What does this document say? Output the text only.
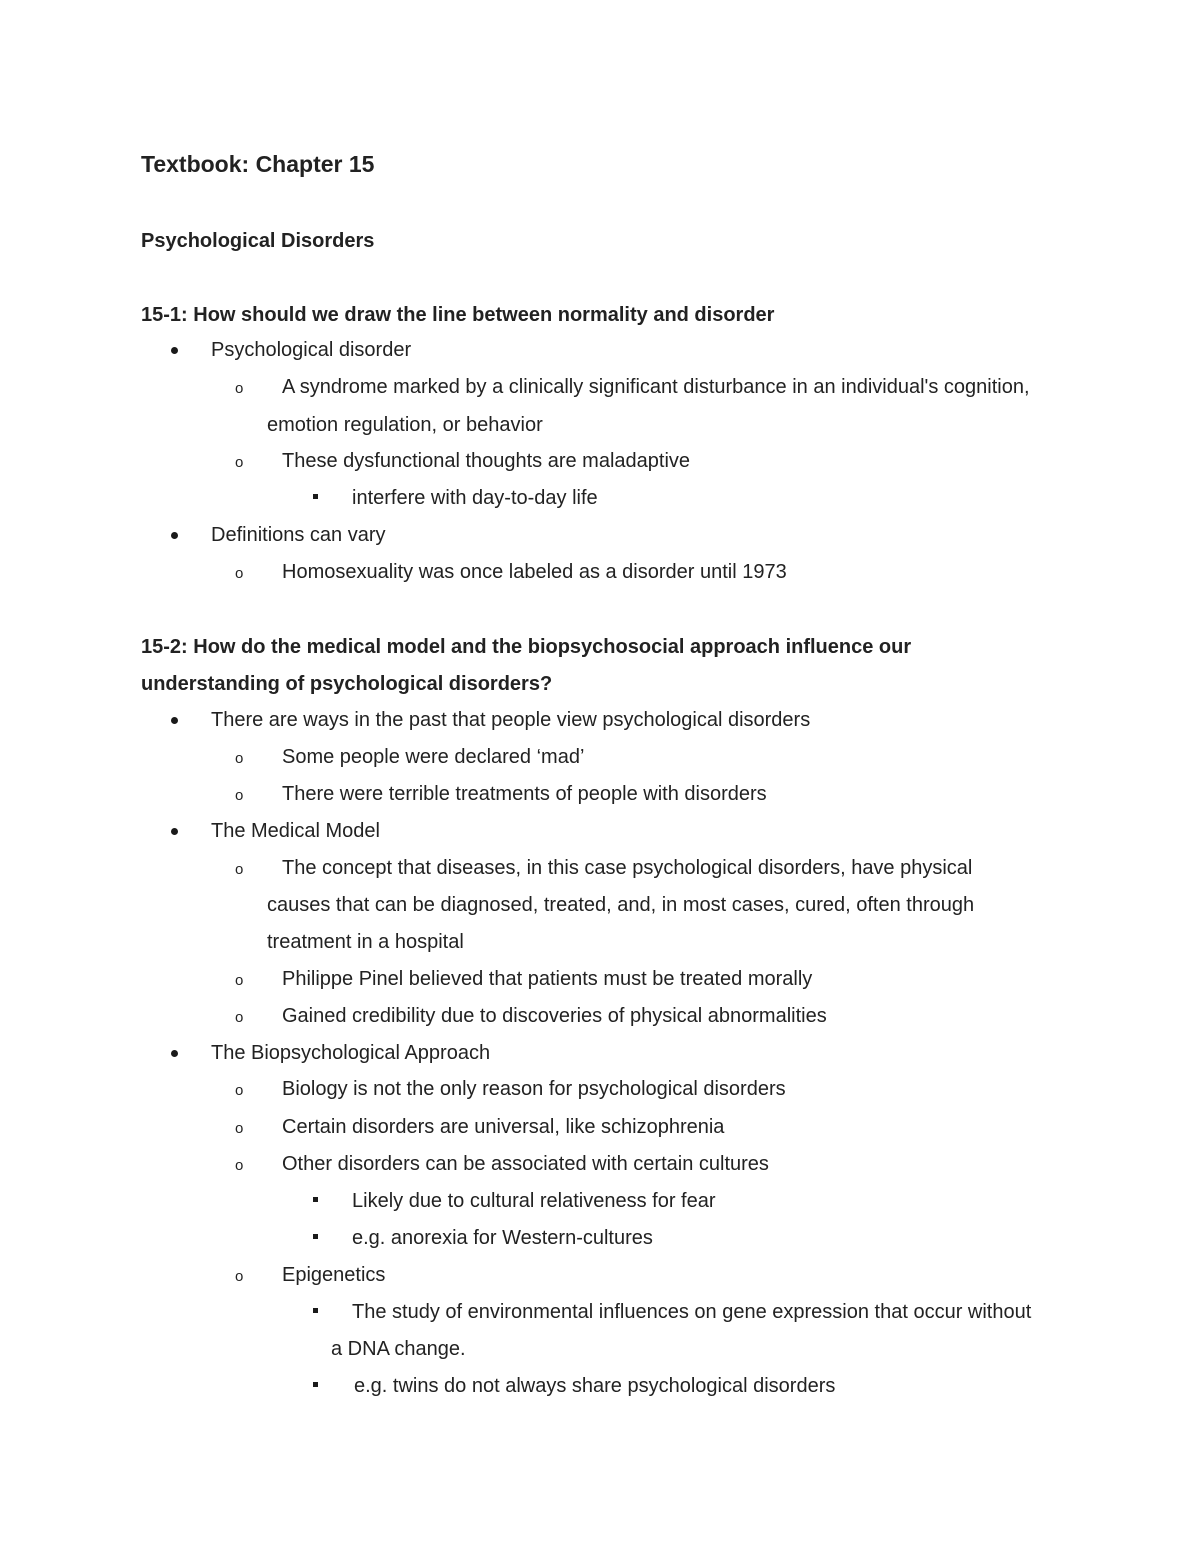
Textbook: Chapter 15
Psychological Disorders
15-1: How should we draw the line between normality and disorder
Psychological disorder
o A syndrome marked by a clinically significant disturbance in an individual's cognition,
emotion regulation, or behavior
o These dysfunctional thoughts are maladaptive
interfere with day-to-day life
Definitions can vary
o Homosexuality was once labeled as a disorder until 1973
15-2: How do the medical model and the biopsychosocial approach influence our
understanding of psychological disorders?
There are ways in the past that people view psychological disorders
o Some people were declared ‘mad’
o There were terrible treatments of people with disorders
The Medical Model
o The concept that diseases, in this case psychological disorders, have physical
causes that can be diagnosed, treated, and, in most cases, cured, often through
treatment in a hospital
o Philippe Pinel believed that patients must be treated morally
o Gained credibility due to discoveries of physical abnormalities
The Biopsychological Approach
o Biology is not the only reason for psychological disorders
o Certain disorders are universal, like schizophrenia
o Other disorders can be associated with certain cultures
Likely due to cultural relativeness for fear
e.g. anorexia for Western-cultures
o Epigenetics
The study of environmental influences on gene expression that occur without
a DNA change.
e.g. twins do not always share psychological disorders
